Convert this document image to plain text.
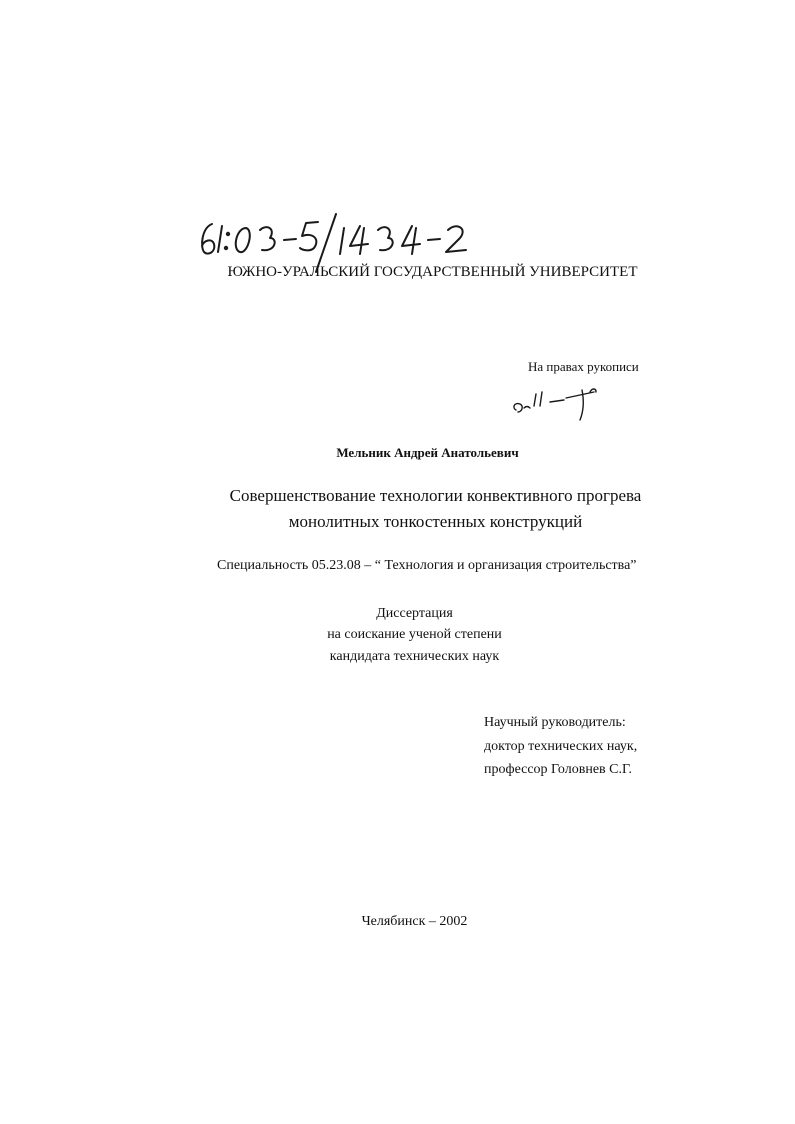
ЮЖНО-УРАЛЬСКИЙ ГОСУДАРСТВЕННЫЙ УНИВЕРСИТЕТ
На правах рукописи
Мельник Андрей Анатольевич
Совершенствование технологии конвективного прогрева
монолитных тонкостенных конструкций
Специальность 05.23.08 – “ Технология и организация строительства”
Диссертация
на соискание ученой степени
кандидата технических наук
Научный руководитель:
доктор технических наук,
профессор Головнев С.Г.
Челябинск – 2002
